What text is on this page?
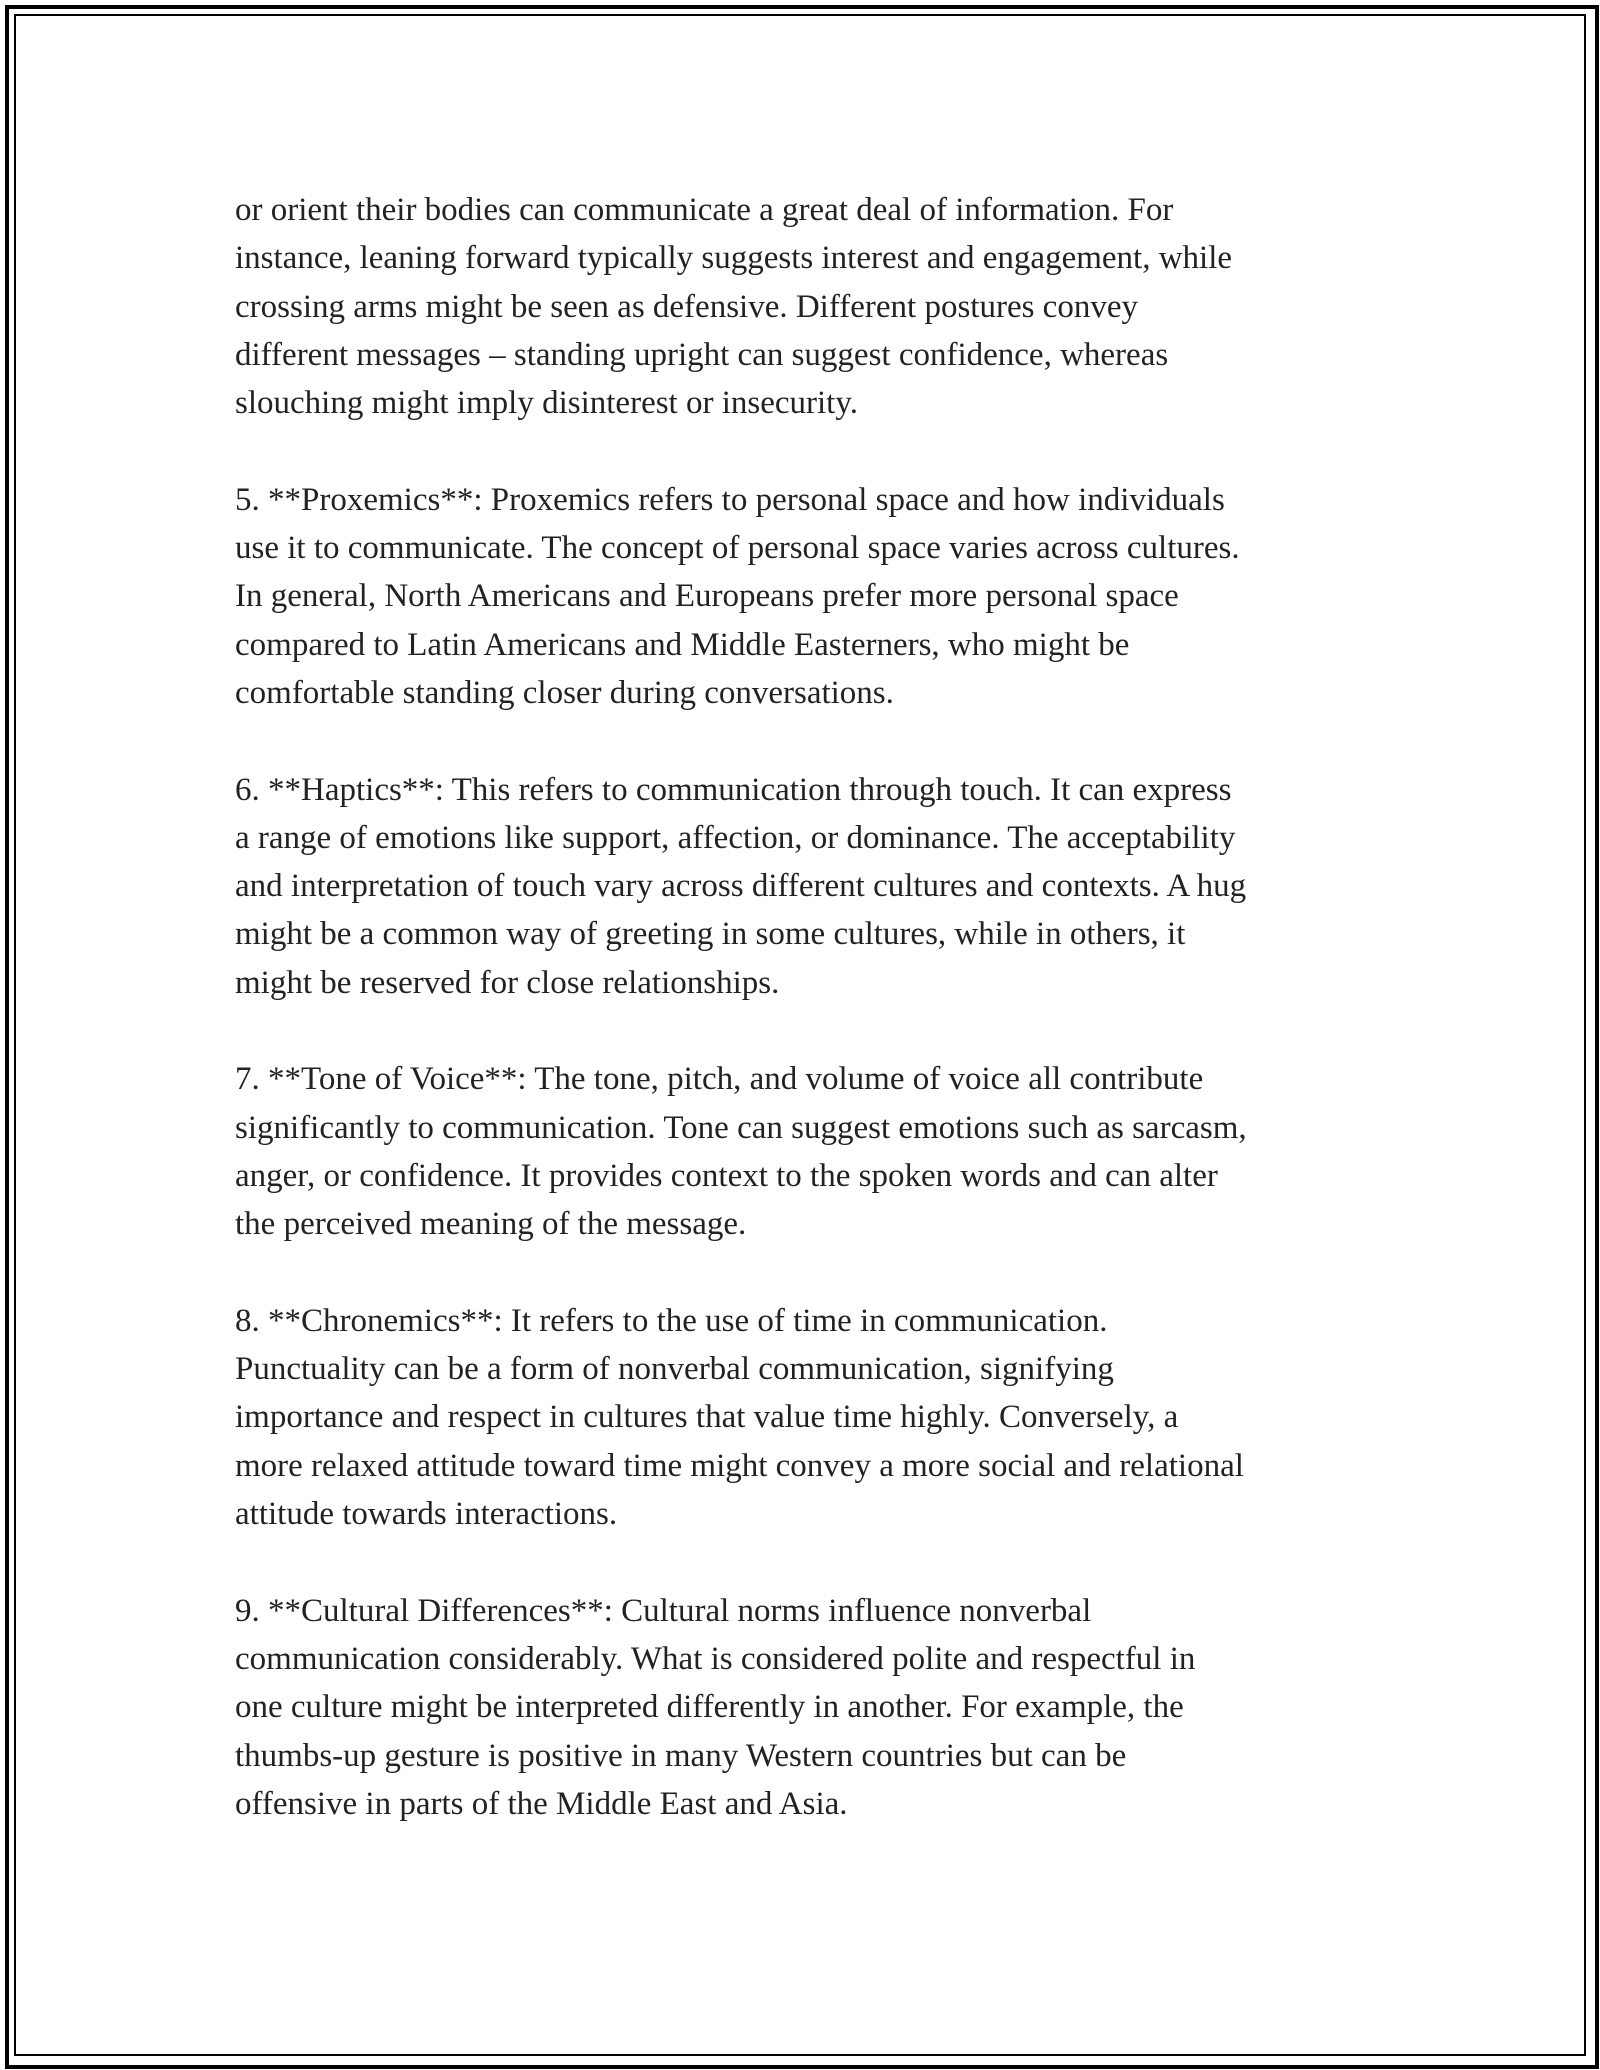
or orient their bodies can communicate a great deal of information. For
instance, leaning forward typically suggests interest and engagement, while
crossing arms might be seen as defensive. Different postures convey
different messages – standing upright can suggest confidence, whereas
slouching might imply disinterest or insecurity.

5. **Proxemics**: Proxemics refers to personal space and how individuals
use it to communicate. The concept of personal space varies across cultures.
In general, North Americans and Europeans prefer more personal space
compared to Latin Americans and Middle Easterners, who might be
comfortable standing closer during conversations.

6. **Haptics**: This refers to communication through touch. It can express
a range of emotions like support, affection, or dominance. The acceptability
and interpretation of touch vary across different cultures and contexts. A hug
might be a common way of greeting in some cultures, while in others, it
might be reserved for close relationships.

7. **Tone of Voice**: The tone, pitch, and volume of voice all contribute
significantly to communication. Tone can suggest emotions such as sarcasm,
anger, or confidence. It provides context to the spoken words and can alter
the perceived meaning of the message.

8. **Chronemics**: It refers to the use of time in communication.
Punctuality can be a form of nonverbal communication, signifying
importance and respect in cultures that value time highly. Conversely, a
more relaxed attitude toward time might convey a more social and relational
attitude towards interactions.

9. **Cultural Differences**: Cultural norms influence nonverbal
communication considerably. What is considered polite and respectful in
one culture might be interpreted differently in another. For example, the
thumbs-up gesture is positive in many Western countries but can be
offensive in parts of the Middle East and Asia.
